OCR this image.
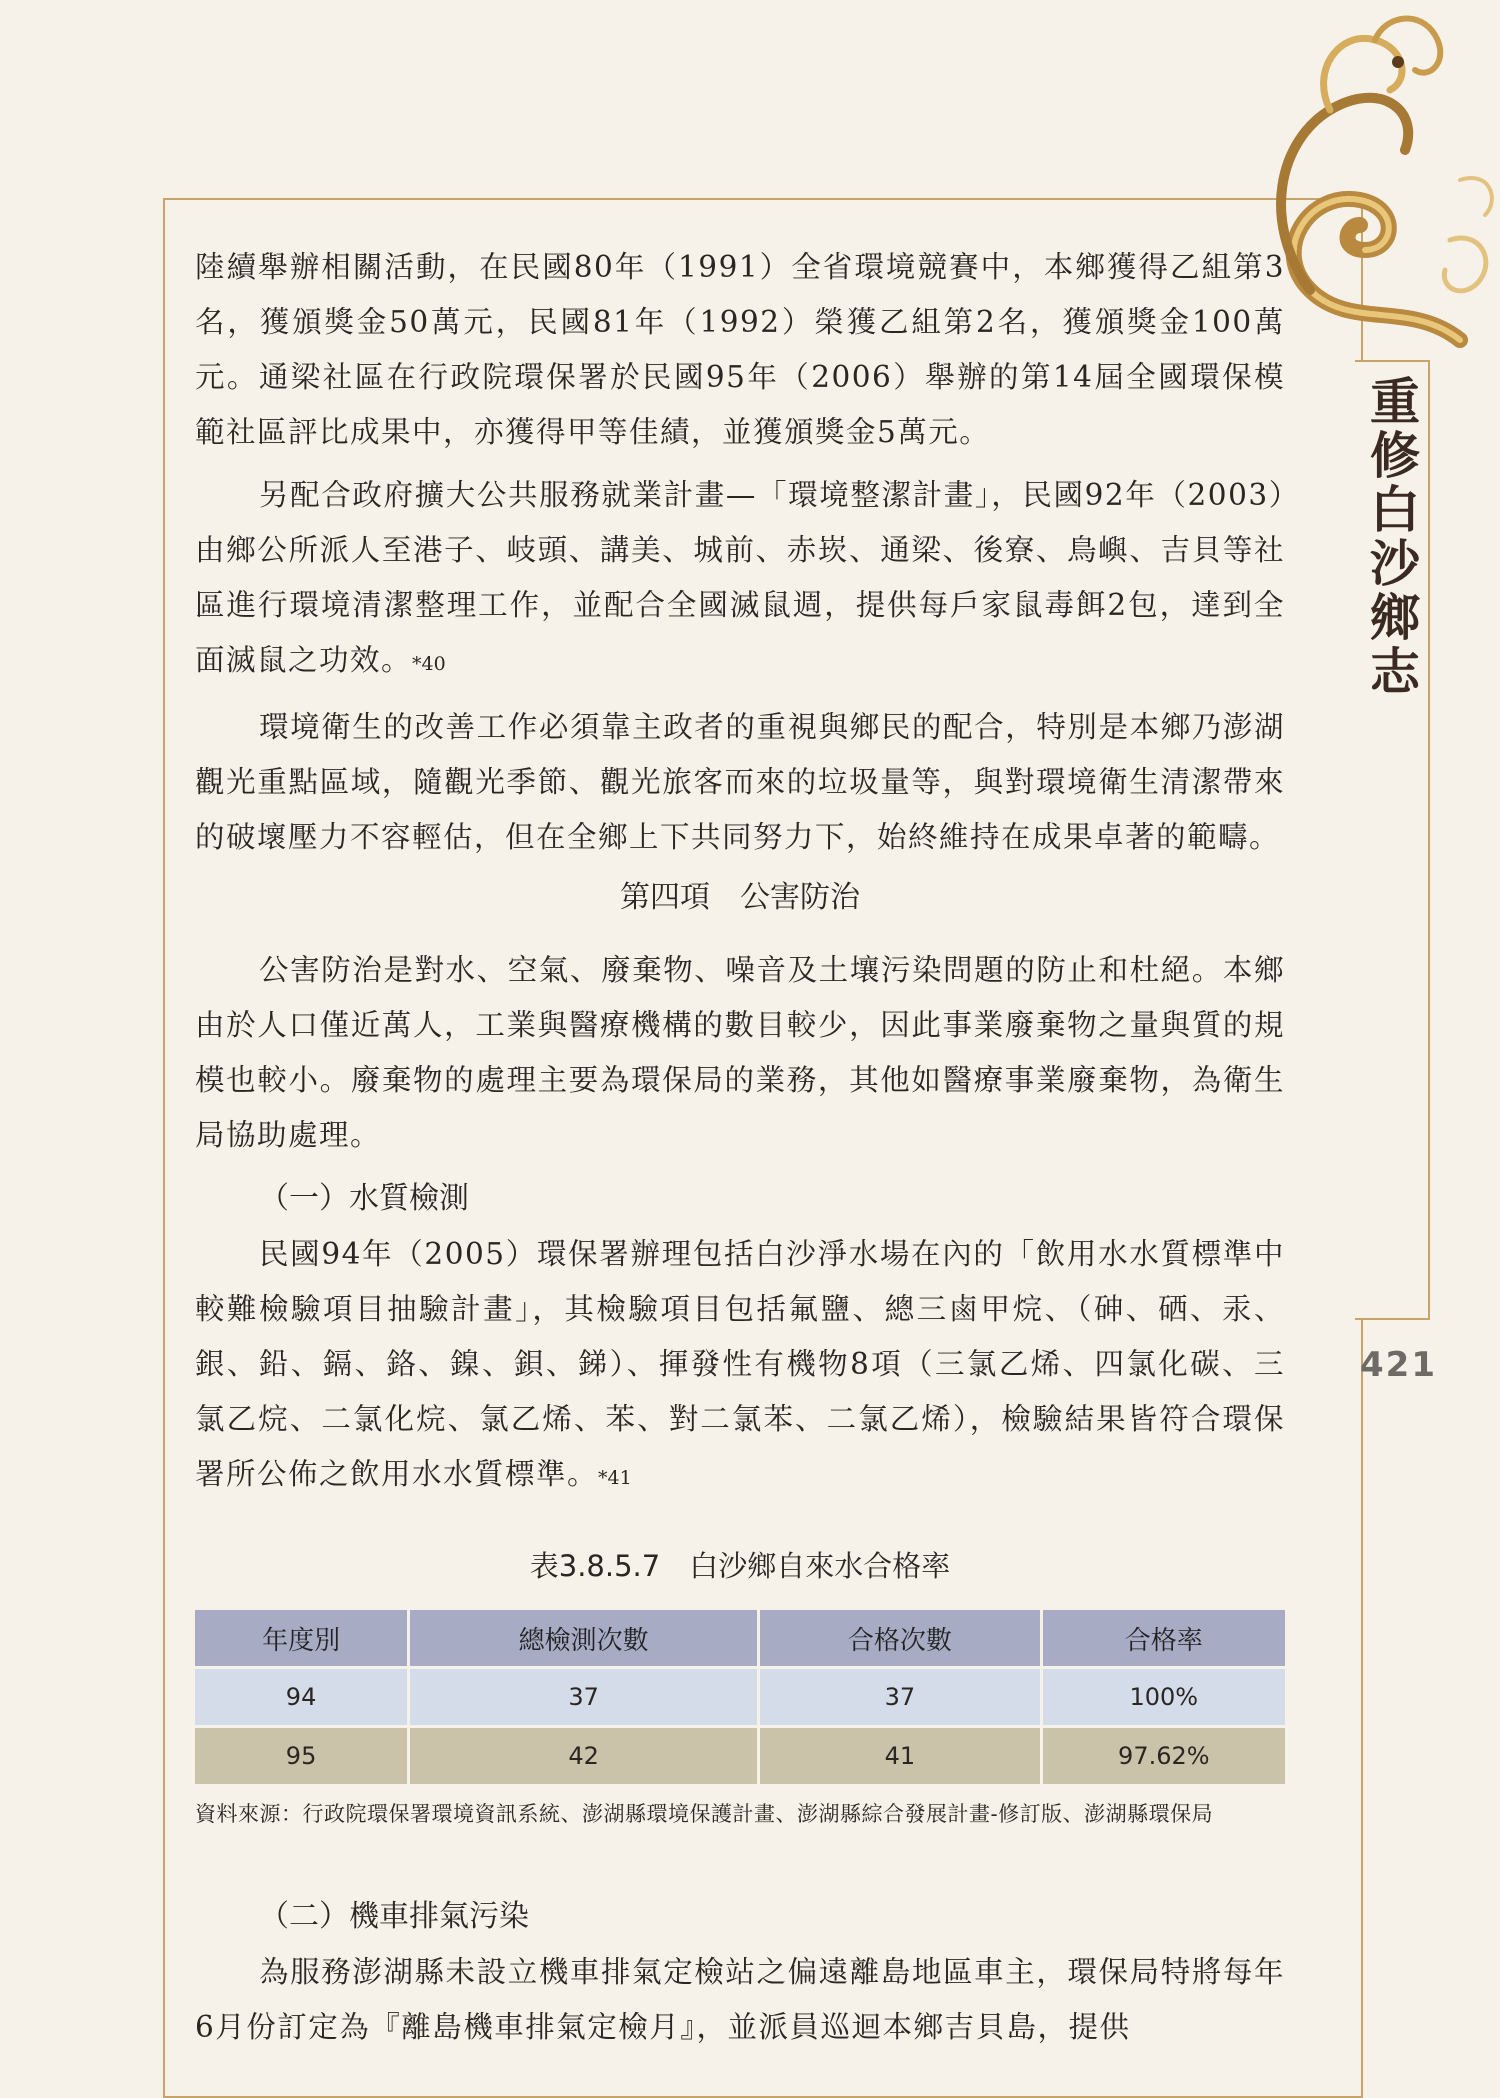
重修白沙鄉志
421

陸續舉辦相關活動，在民國80年（1991）全省環境競賽中，本鄉獲得乙組第3名，獲頒獎金50萬元，民國81年（1992）榮獲乙組第2名，獲頒獎金100萬元。通梁社區在行政院環保署於民國95年（2006）舉辦的第14屆全國環保模範社區評比成果中，亦獲得甲等佳績，並獲頒獎金5萬元。

另配合政府擴大公共服務就業計畫—「環境整潔計畫」，民國92年（2003）由鄉公所派人至港子、岐頭、講美、城前、赤崁、通梁、後寮、鳥嶼、吉貝等社區進行環境清潔整理工作，並配合全國滅鼠週，提供每戶家鼠毒餌2包，達到全面滅鼠之功效。*40

環境衛生的改善工作必須靠主政者的重視與鄉民的配合，特別是本鄉乃澎湖觀光重點區域，隨觀光季節、觀光旅客而來的垃圾量等，與對環境衛生清潔帶來的破壞壓力不容輕估，但在全鄉上下共同努力下，始終維持在成果卓著的範疇。

第四項　公害防治

公害防治是對水、空氣、廢棄物、噪音及土壤污染問題的防止和杜絕。本鄉由於人口僅近萬人，工業與醫療機構的數目較少，因此事業廢棄物之量與質的規模也較小。廢棄物的處理主要為環保局的業務，其他如醫療事業廢棄物，為衛生局協助處理。

（一）水質檢測

民國94年（2005）環保署辦理包括白沙淨水場在內的「飲用水水質標準中較難檢驗項目抽驗計畫」，其檢驗項目包括氟鹽、總三鹵甲烷、（砷、硒、汞、銀、鉛、鎘、鉻、鎳、鋇、銻）、揮發性有機物8項（三氯乙烯、四氯化碳、三氯乙烷、二氯化烷、氯乙烯、苯、對二氯苯、二氯乙烯），檢驗結果皆符合環保署所公佈之飲用水水質標準。*41

表3.8.5.7　白沙鄉自來水合格率
年度別	總檢測次數	合格次數	合格率
94	37	37	100%
95	42	41	97.62%
資料來源：行政院環保署環境資訊系統、澎湖縣環境保護計畫、澎湖縣綜合發展計畫-修訂版、澎湖縣環保局
（二）機車排氣污染

為服務澎湖縣未設立機車排氣定檢站之偏遠離島地區車主，環保局特將每年6月份訂定為『離島機車排氣定檢月』，並派員巡迴本鄉吉貝島，提供
